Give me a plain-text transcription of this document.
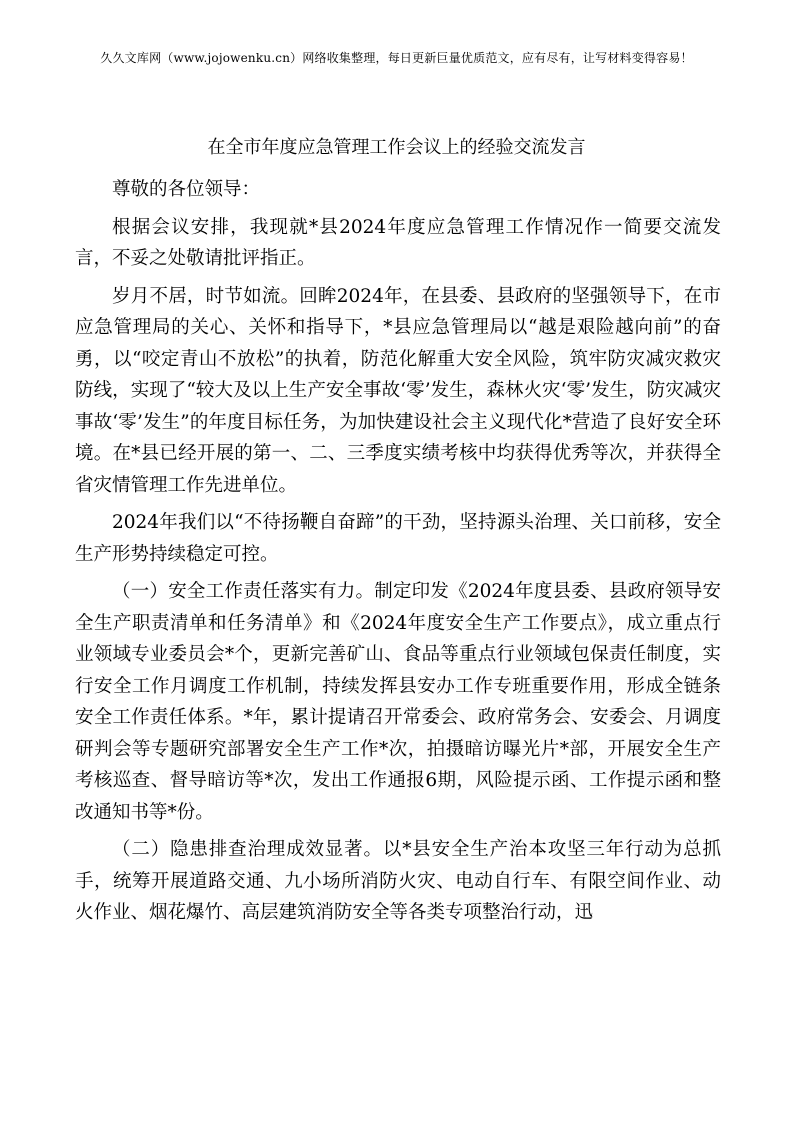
久久文库网（www.jojowenku.cn）网络收集整理，每日更新巨量优质范文，应有尽有，让写材料变得容易！
在全市年度应急管理工作会议上的经验交流发言

尊敬的各位领导：

根据会议安排，我现就*县2024年度应急管理工作情况作一简要交流发言，不妥之处敬请批评指正。

岁月不居，时节如流。回眸2024年，在县委、县政府的坚强领导下，在市应急管理局的关心、关怀和指导下，*县应急管理局以“越是艰险越向前”的奋勇，以“咬定青山不放松”的执着，防范化解重大安全风险，筑牢防灾减灾救灾防线，实现了“较大及以上生产安全事故‘零’发生，森林火灾‘零’发生，防灾减灾事故‘零’发生”的年度目标任务，为加快建设社会主义现代化*营造了良好安全环境。在*县已经开展的第一、二、三季度实绩考核中均获得优秀等次，并获得全省灾情管理工作先进单位。

2024年我们以“不待扬鞭自奋蹄”的干劲，坚持源头治理、关口前移，安全生产形势持续稳定可控。

（一）安全工作责任落实有力。制定印发《2024年度县委、县政府领导安全生产职责清单和任务清单》和《2024年度安全生产工作要点》，成立重点行业领域专业委员会*个，更新完善矿山、食品等重点行业领域包保责任制度，实行安全工作月调度工作机制，持续发挥县安办工作专班重要作用，形成全链条安全工作责任体系。*年，累计提请召开常委会、政府常务会、安委会、月调度研判会等专题研究部署安全生产工作*次，拍摄暗访曝光片*部，开展安全生产考核巡查、督导暗访等*次，发出工作通报6期，风险提示函、工作提示函和整改通知书等*份。

（二）隐患排查治理成效显著。以*县安全生产治本攻坚三年行动为总抓手，统筹开展道路交通、九小场所消防火灾、电动自行车、有限空间作业、动火作业、烟花爆竹、高层建筑消防安全等各类专项整治行动，迅
